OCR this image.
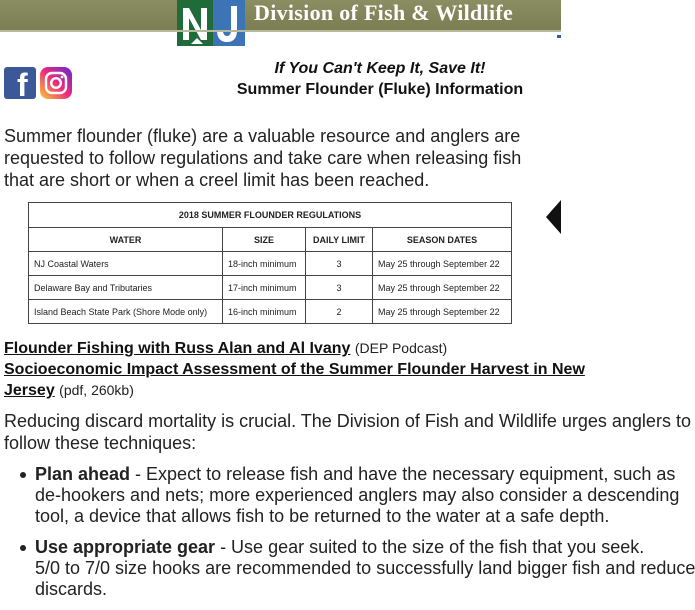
Division of Fish & Wildlife
f	If You Can't Keep It, Save It!
Summer Flounder (Fluke) Information

Summer flounder (fluke) are a valuable resource and anglers are requested to follow regulations and take care when releasing fish that are short or when a creel limit has been reached.

2018 SUMMER FLOUNDER REGULATIONS			
WATER	SIZE	DAILY LIMIT	SEASON DATES
NJ Coastal Waters	18-inch minimum	3	May 25 through September 22
Delaware Bay and Tributaries	17-inch minimum	3	May 25 through September 22
Island Beach State Park (Shore Mode only)	16-inch minimum	2	May 25 through September 22
Flounder Fishing with Russ Alan and Al Ivany (DEP Podcast)
Socioeconomic Impact Assessment of the Summer Flounder Harvest in New
Jersey (pdf, 260kb)
Reducing discard mortality is crucial. The Division of Fish and Wildlife urges anglers to
follow these techniques:
Plan ahead - Expect to release fish and have the necessary equipment, such as
de-hookers and nets; more experienced anglers may also consider a descending
tool, a device that allows fish to be returned to the water at a safe depth.
Use appropriate gear - Use gear suited to the size of the fish that you seek.
5/0 to 7/0 size hooks are recommended to successfully land bigger fish and reduce
discards.
